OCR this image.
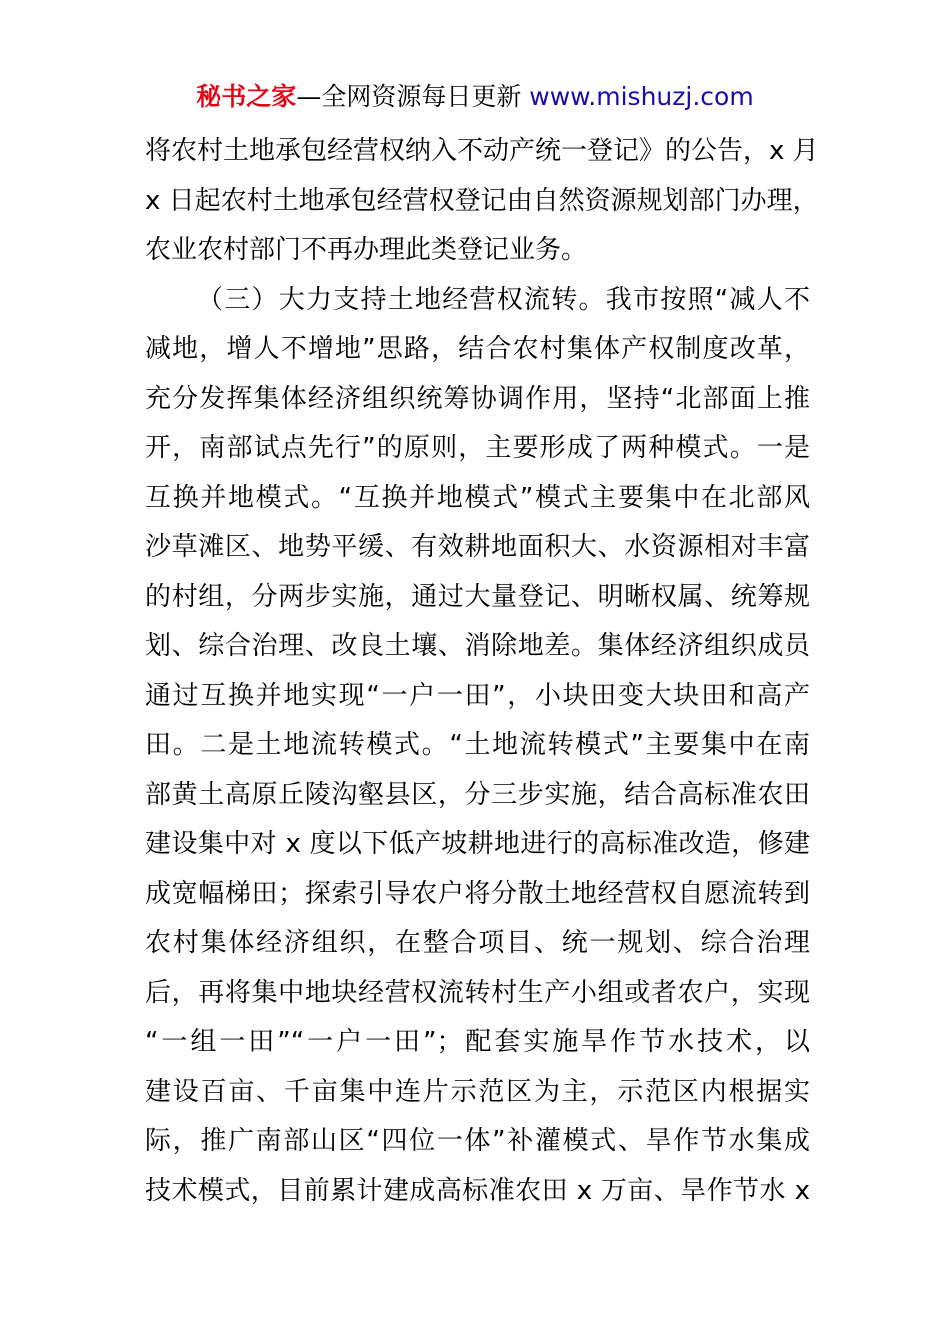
秘书之家—全网资源每日更新 www.mishuzj.com
将农村土地承包经营权纳入不动产统一登记》的公告，x 月
x 日起农村土地承包经营权登记由自然资源规划部门办理，
农业农村部门不再办理此类登记业务。
（三）大力支持土地经营权流转。我市按照“减人不
减地，增人不增地”思路，结合农村集体产权制度改革，
充分发挥集体经济组织统筹协调作用，坚持“北部面上推
开，南部试点先行”的原则，主要形成了两种模式。一是
互换并地模式。“互换并地模式”模式主要集中在北部风
沙草滩区、地势平缓、有效耕地面积大、水资源相对丰富
的村组，分两步实施，通过大量登记、明晰权属、统筹规
划、综合治理、改良土壤、消除地差。集体经济组织成员
通过互换并地实现“一户一田”，小块田变大块田和高产
田。二是土地流转模式。“土地流转模式”主要集中在南
部黄土高原丘陵沟壑县区，分三步实施，结合高标准农田
建设集中对 x 度以下低产坡耕地进行的高标准改造，修建
成宽幅梯田；探索引导农户将分散土地经营权自愿流转到
农村集体经济组织，在整合项目、统一规划、综合治理
后，再将集中地块经营权流转村生产小组或者农户，实现
“一组一田”“一户一田”；配套实施旱作节水技术，以
建设百亩、千亩集中连片示范区为主，示范区内根据实
际，推广南部山区“四位一体”补灌模式、旱作节水集成
技术模式，目前累计建成高标准农田 x 万亩、旱作节水 x
